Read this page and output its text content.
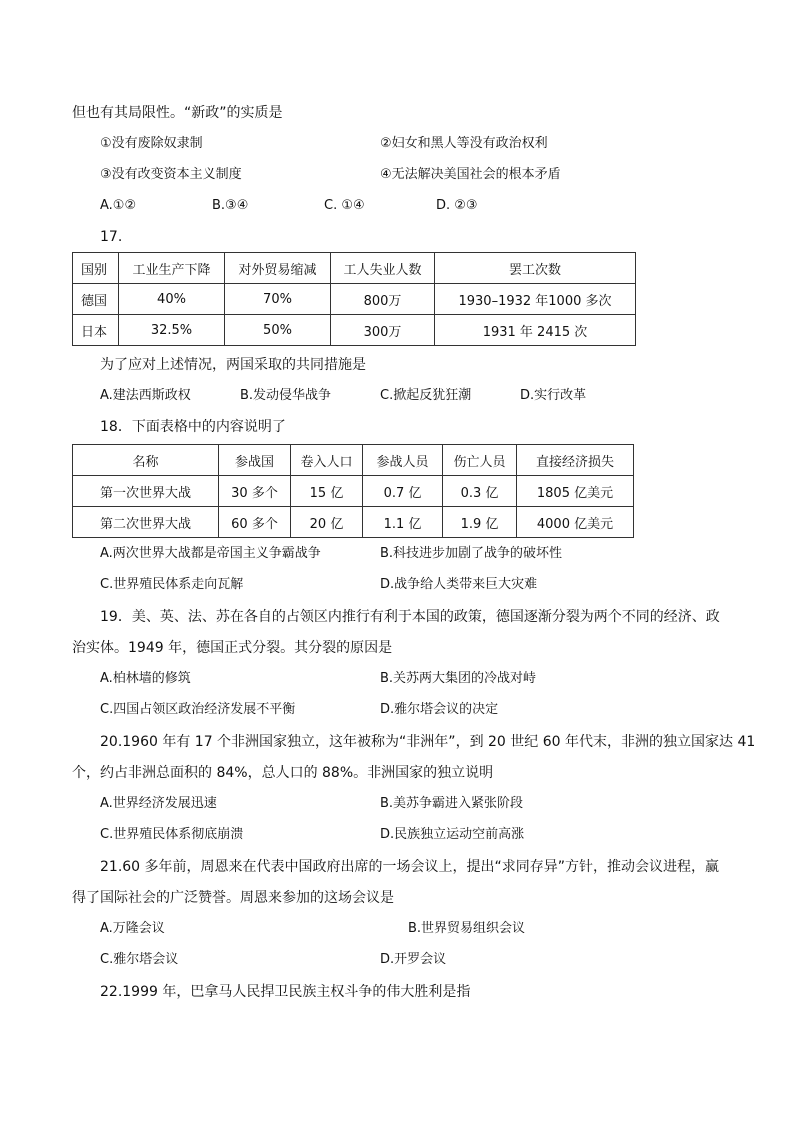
但也有其局限性。“新政”的实质是
①没有废除奴隶制	②妇女和黑人等没有政治权利
③没有改变资本主义制度	④无法解决美国社会的根本矛盾
A.①②	B.③④	C. ①④	D. ②③
17.
国别	工业生产下降	对外贸易缩减	工人失业人数	罢工次数
德国	40%	70%	800万	1930–1932 年1000 多次
日本	32.5%	50%	300万	1931 年 2415 次
为了应对上述情况，两国采取的共同措施是
A.建法西斯政权	B.发动侵华战争	C.掀起反犹狂潮	D.实行改革
18．下面表格中的内容说明了
名称	参战国	卷入人口	参战人员	伤亡人员	直接经济损失
第一次世界大战	30 多个	15 亿	0.7 亿	0.3 亿	1805 亿美元
第二次世界大战	60 多个	20 亿	1.1 亿	1.9 亿	4000 亿美元
A.两次世界大战都是帝国主义争霸战争	B.科技进步加剧了战争的破坏性
C.世界殖民体系走向瓦解	D.战争给人类带来巨大灾难
19．美、英、法、苏在各自的占领区内推行有利于本国的政策，德国逐渐分裂为两个不同的经济、政
治实体。1949 年，德国正式分裂。其分裂的原因是
A.柏林墙的修筑	B.关苏两大集团的冷战对峙
C.四国占领区政治经济发展不平衡	D.雅尔塔会议的决定
20.1960 年有 17 个非洲国家独立，这年被称为“非洲年”，到 20 世纪 60 年代末，非洲的独立国家达 41
个，约占非洲总面积的 84%，总人口的 88%。非洲国家的独立说明
A.世界经济发展迅速	B.美苏争霸进入紧张阶段
C.世界殖民体系彻底崩溃	D.民族独立运动空前高涨
21.60 多年前，周恩来在代表中国政府出席的一场会议上，提出“求同存异”方针，推动会议进程，赢
得了国际社会的广泛赞誉。周恩来参加的这场会议是
A.万隆会议	B.世界贸易组织会议
C.雅尔塔会议	D.开罗会议
22.1999 年，巴拿马人民捍卫民族主权斗争的伟大胜利是指
